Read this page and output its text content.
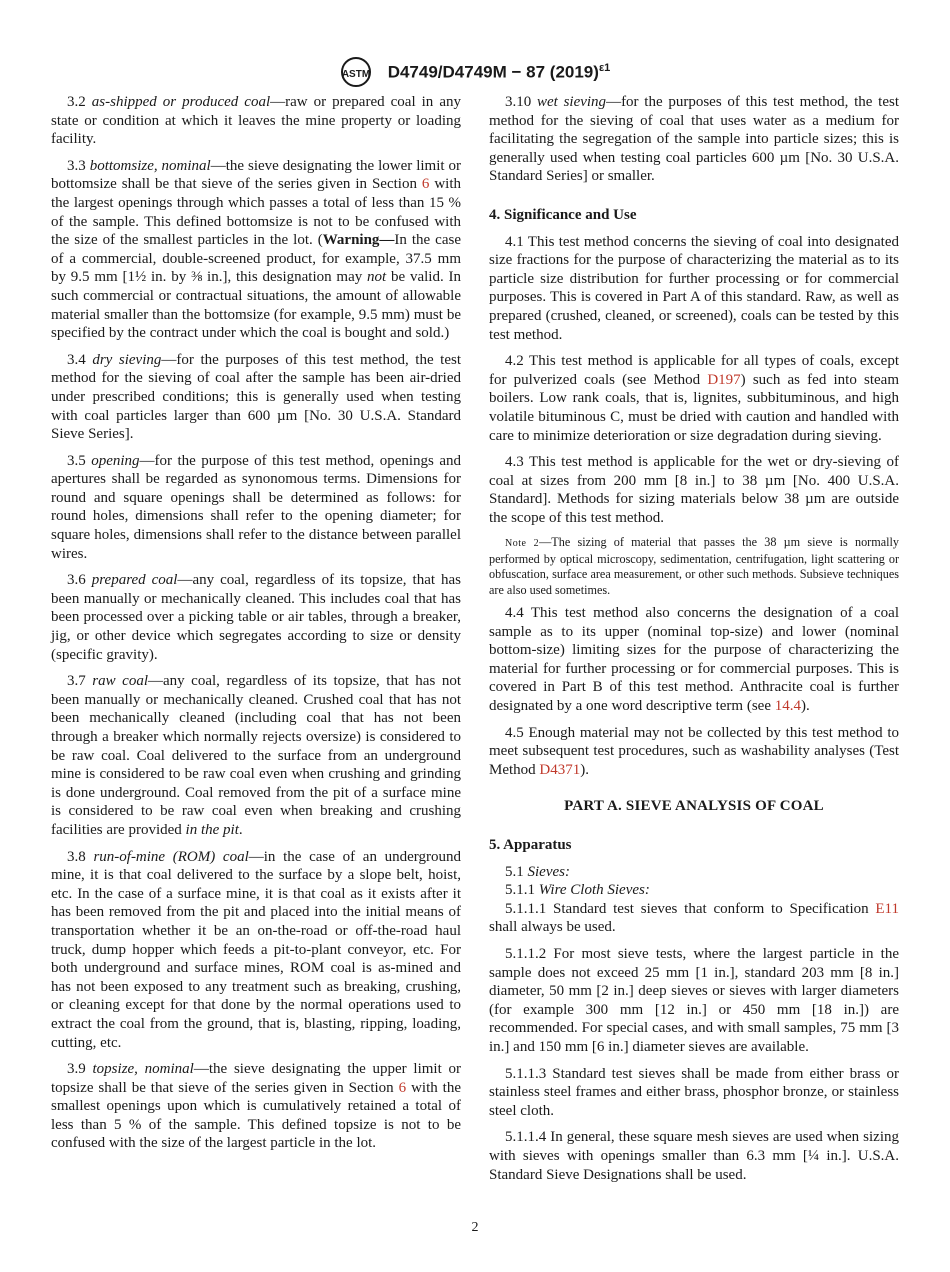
ASTM D4749/D4749M − 87 $(2019)^{\varepsilon 1}$

3.2 as-shipped or produced coal—raw or prepared coal in any state or condition at which it leaves the mine property or loading facility.

3.3 bottomsize, nominal—the sieve designating the lower limit or bottomsize shall be that sieve of the series given in Section 6 with the largest openings through which passes a total of less than 15 % of the sample. This defined bottomsize is not to be confused with the size of the smallest particles in the lot. (Warning—In the case of a commercial, double-screened product, for example, 37.5 mm by 9.5 mm [1½ in. by ⅜ in.], this designation may not be valid. In such commercial or contractual situations, the amount of allowable material smaller than the bottomsize (for example, 9.5 mm) must be specified by the contract under which the coal is bought and sold.)

3.4 dry sieving—for the purposes of this test method, the test method for the sieving of coal after the sample has been air-dried under prescribed conditions; this is generally used when testing with coal particles larger than 600 µm [No. 30 U.S.A. Standard Sieve Series].

3.5 opening—for the purpose of this test method, openings and apertures shall be regarded as synonomous terms. Dimensions for round and square openings shall be determined as follows: for round holes, dimensions shall refer to the opening diameter; for square holes, dimensions shall refer to the distance between parallel wires.

3.6 prepared coal—any coal, regardless of its topsize, that has been manually or mechanically cleaned. This includes coal that has been processed over a picking table or air tables, through a breaker, jig, or other device which segregates according to size or density (specific gravity).

3.7 raw coal—any coal, regardless of its topsize, that has not been manually or mechanically cleaned. Crushed coal that has not been mechanically cleaned (including coal that has not been through a breaker which normally rejects oversize) is considered to be raw coal. Coal delivered to the surface from an underground mine is considered to be raw coal even when crushing and grinding is done underground. Coal removed from the pit of a surface mine is considered to be raw coal even when breaking and crushing facilities are provided in the pit.

3.8 run-of-mine (ROM) coal—in the case of an underground mine, it is that coal delivered to the surface by a slope belt, hoist, etc. In the case of a surface mine, it is that coal as it exists after it has been removed from the pit and placed into the initial means of transportation whether it be an on-the-road or off-the-road haul truck, dump hopper which feeds a pit-to-plant conveyor, etc. For both underground and surface mines, ROM coal is as-mined and has not been exposed to any treatment such as breaking, crushing, or cleaning except for that done by the normal operations used to extract the coal from the ground, that is, blasting, ripping, loading, cutting, etc.

3.9 topsize, nominal—the sieve designating the upper limit or topsize shall be that sieve of the series given in Section 6 with the smallest openings upon which is cumulatively retained a total of less than 5 % of the sample. This defined topsize is not to be confused with the size of the largest particle in the lot.

3.10 wet sieving—for the purposes of this test method, the test method for the sieving of coal that uses water as a medium for facilitating the segregation of the sample into particle sizes; this is generally used when testing coal particles 600 µm [No. 30 U.S.A. Standard Series] or smaller.

4. Significance and Use

4.1 This test method concerns the sieving of coal into designated size fractions for the purpose of characterizing the material as to its particle size distribution for further processing or for commercial purposes. This is covered in Part A of this standard. Raw, as well as prepared (crushed, cleaned, or screened), coals can be tested by this test method.

4.2 This test method is applicable for all types of coals, except for pulverized coals (see Method D197) such as fed into steam boilers. Low rank coals, that is, lignites, subbituminous, and high volatile bituminous C, must be dried with caution and handled with care to minimize deterioration or size degradation during sieving.

4.3 This test method is applicable for the wet or dry-sieving of coal at sizes from 200 mm [8 in.] to 38 µm [No. 400 U.S.A. Standard]. Methods for sizing materials below 38 µm are outside the scope of this test method.

Note 2—The sizing of material that passes the 38 µm sieve is normally performed by optical microscopy, sedimentation, centrifugation, light scattering or obfuscation, surface area measurement, or other such methods. Subsieve techniques are also used sometimes.

4.4 This test method also concerns the designation of a coal sample as to its upper (nominal top-size) and lower (nominal bottom-size) limiting sizes for the purpose of characterizing the material for further processing or for commercial purposes. This is covered in Part B of this test method. Anthracite coal is further designated by a one word descriptive term (see 14.4).

4.5 Enough material may not be collected by this test method to meet subsequent test procedures, such as washability analyses (Test Method D4371).

PART A. SIEVE ANALYSIS OF COAL
5. Apparatus

5.1 Sieves:

5.1.1 Wire Cloth Sieves:

5.1.1.1 Standard test sieves that conform to Specification E11 shall always be used.

5.1.1.2 For most sieve tests, where the largest particle in the sample does not exceed 25 mm [1 in.], standard 203 mm [8 in.] diameter, 50 mm [2 in.] deep sieves or sieves with larger diameters (for example 300 mm [12 in.] or 450 mm [18 in.]) are recommended. For special cases, and with small samples, 75 mm [3 in.] and 150 mm [6 in.] diameter sieves are available.

5.1.1.3 Standard test sieves shall be made from either brass or stainless steel frames and either brass, phosphor bronze, or stainless steel cloth.

5.1.1.4 In general, these square mesh sieves are used when sizing with sieves with openings smaller than 6.3 mm [¼ in.]. U.S.A. Standard Sieve Designations shall be used.

2
